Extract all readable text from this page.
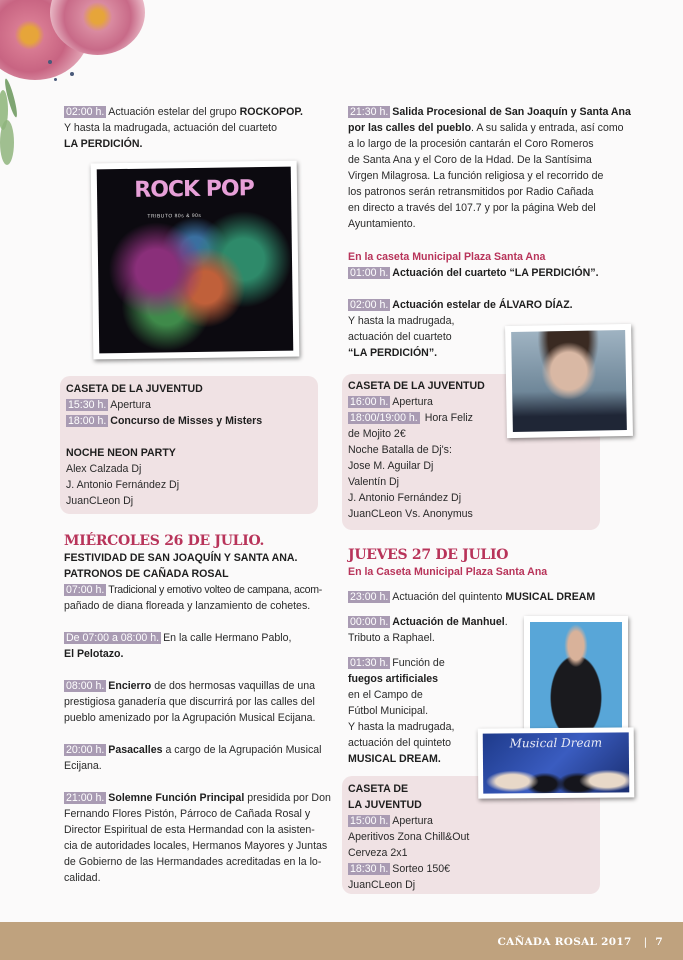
02:00 h. Actuación estelar del grupo ROCKOPOP.
Y hasta la madrugada, actuación del cuarteto
LA PERDICIÓN.
ROCK POP
TRIBUTO 80s & 90s
CASETA DE LA JUVENTUD
15:30 h. Apertura
18:00 h. Concurso de Misses y Misters
NOCHE NEON PARTY
Alex Calzada Dj
J. Antonio Fernández Dj
JuanCLeon Dj
MIÉRCOLES 26 DE JULIO.
FESTIVIDAD DE SAN JOAQUÍN Y SANTA ANA.
PATRONOS DE CAÑADA ROSAL
07:00 h. Tradicional y emotivo volteo de campana, acom-
pañado de diana floreada y lanzamiento de cohetes.
De 07:00 a 08:00 h. En la calle Hermano Pablo,
El Pelotazo.
08:00 h. Encierro de dos hermosas vaquillas de una
prestigiosa ganadería que discurrirá por las calles del
pueblo amenizado por la Agrupación Musical Ecijana.
20:00 h. Pasacalles a cargo de la Agrupación Musical
Ecijana.
21:00 h. Solemne Función Principal presidida por Don
Fernando Flores Pistón, Párroco de Cañada Rosal y
Director Espiritual de esta Hermandad con la asisten-
cia de autoridades locales, Hermanos Mayores y Juntas
de Gobierno de las Hermandades acreditadas en la lo-
calidad.
21:30 h. Salida Procesional de San Joaquín y Santa Ana
por las calles del pueblo. A su salida y entrada, así como
a lo largo de la procesión cantarán el Coro Romeros
de Santa Ana y el Coro de la Hdad. De la Santísima
Virgen Milagrosa. La función religiosa y el recorrido de
los patronos serán retransmitidos por Radio Cañada
en directo a través del 107.7 y por la página Web del
Ayuntamiento.
En la caseta Municipal Plaza Santa Ana
01:00 h. Actuación del cuarteto “LA PERDICIÓN”.
02:00 h. Actuación estelar de ÁLVARO DÍAZ.
Y hasta la madrugada,
actuación del cuarteto
“LA PERDICIÓN”.
CASETA DE LA JUVENTUD
16:00 h. Apertura
18:00/19:00 h. Hora Feliz
de Mojito 2€
Noche Batalla de Dj's:
Jose M. Aguilar Dj
Valentín Dj
J. Antonio Fernández Dj
JuanCLeon Vs. Anonymus
JUEVES 27 DE JULIO
En la Caseta Municipal Plaza Santa Ana
23:00 h. Actuación del quintento MUSICAL DREAM
00:00 h. Actuación de Manhuel.
Tributo a Raphael.
01:30 h. Función de
fuegos artificiales
en el Campo de
Fútbol Municipal.
Y hasta la madrugada,
actuación del quinteto
MUSICAL DREAM.
CASETA DE
LA JUVENTUD
15:00 h. Apertura
Aperitivos Zona Chill&Out
Cerveza 2x1
18:30 h. Sorteo 150€
JuanCLeon Dj
Musical Dream
CAÑADA ROSAL 2017 | 7
